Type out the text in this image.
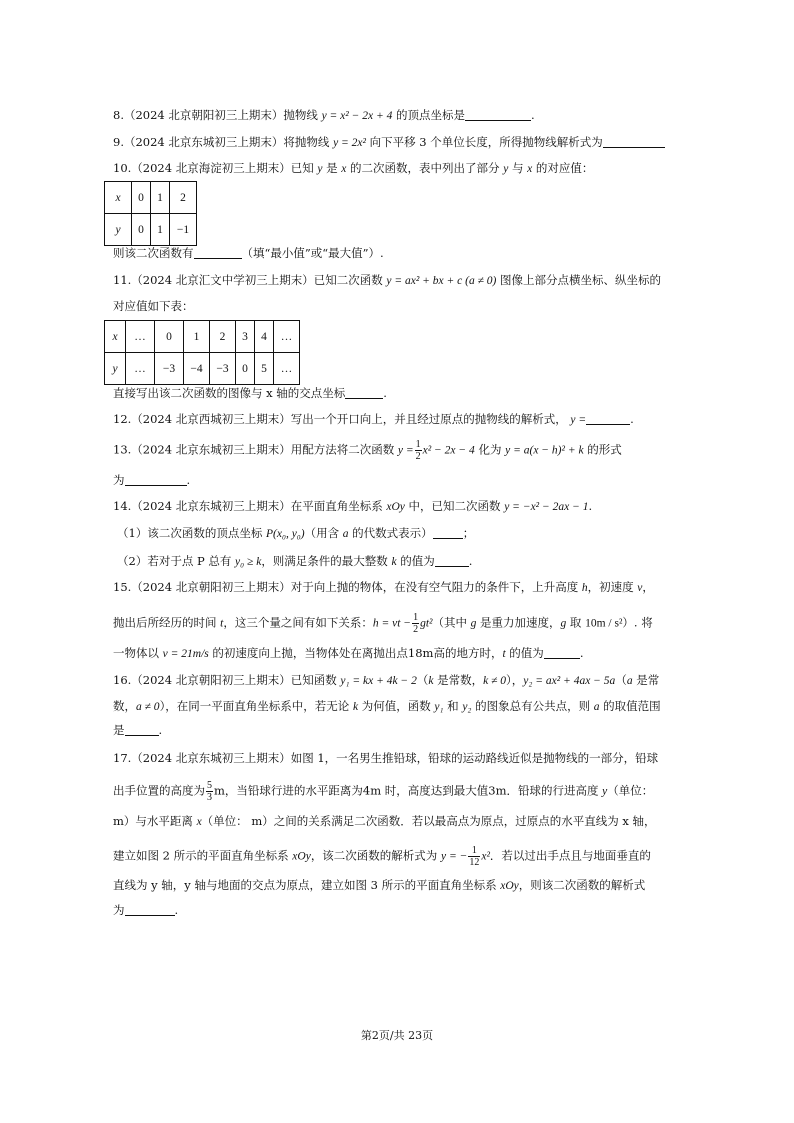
8.（2024 北京朝阳初三上期末）抛物线 y = x² − 2x + 4 的顶点坐标是	.
9.（2024 北京东城初三上期末）将抛物线 y = 2x² 向下平移 3 个单位长度，所得抛物线解析式为
10.（2024 北京海淀初三上期末）已知 y 是 x 的二次函数，表中列出了部分 y 与 x 的对应值：
x	0	1	2
y	0	1	−1
则该二次函数有	（填“最小值”或“最大值”）.
11.（2024 北京汇文中学初三上期末）已知二次函数 y = ax² + bx + c (a ≠ 0) 图像上部分点横坐标、纵坐标的
对应值如下表：
x	…	0	1	2	3	4	…
y	…	−3	−4	−3	0	5	…
直接写出该二次函数的图像与 x 轴的交点坐标	.
12.（2024 北京西城初三上期末）写出一个开口向上，并且经过原点的抛物线的解析式， y =	.
13.（2024 北京东城初三上期末）用配方法将二次函数 $y = \frac{1}{2} x^2 - 2x - 4$ 化为 y = a(x − h)² + k 的形式
为	.
14.（2024 北京东城初三上期末）在平面直角坐标系 xOy 中，已知二次函数 y = −x² − 2ax − 1.
（1）该二次函数的顶点坐标 P(x₀, y₀)（用含 a 的代数式表示）	；
（2）若对于点 P 总有 y₀ ≥ k，则满足条件的最大整数 k 的值为	.
15.（2024 北京朝阳初三上期末）对于向上抛的物体，在没有空气阻力的条件下，上升高度 h，初速度 v，
抛出后所经历的时间 t，这三个量之间有如下关系：h = vt − $\frac{1}{2} gt^2$（其中 g 是重力加速度，g 取 10m / s²）. 将
一物体以 v = 21m/s 的初速度向上抛，当物体处在离抛出点18m高的地方时，t 的值为	.
16.（2024 北京朝阳初三上期末）已知函数 y₁ = kx + 4k − 2（k 是常数，k ≠ 0），y₂ = ax² + 4ax − 5a（a 是常
数，a ≠ 0），在同一平面直角坐标系中，若无论 k 为何值，函数 y₁ 和 y₂ 的图象总有公共点，则 a 的取值范围
是	.
17.（2024 北京东城初三上期末）如图 1，一名男生推铅球，铅球的运动路线近似是抛物线的一部分，铅球
出手位置的高度为 $\frac{5}{3}$ m，当铅球行进的水平距离为4m 时，高度达到最大值3m．铅球的行进高度 y（单位：
m）与水平距离 x（单位： m）之间的关系满足二次函数．若以最高点为原点，过原点的水平直线为 x 轴，
建立如图 2 所示的平面直角坐标系 xOy，该二次函数的解析式为 y = − $\frac{1}{12} x^2$．若以过出手点且与地面垂直的
直线为 y 轴，y 轴与地面的交点为原点，建立如图 3 所示的平面直角坐标系 xOy，则该二次函数的解析式
为	.
第2页/共 23页
